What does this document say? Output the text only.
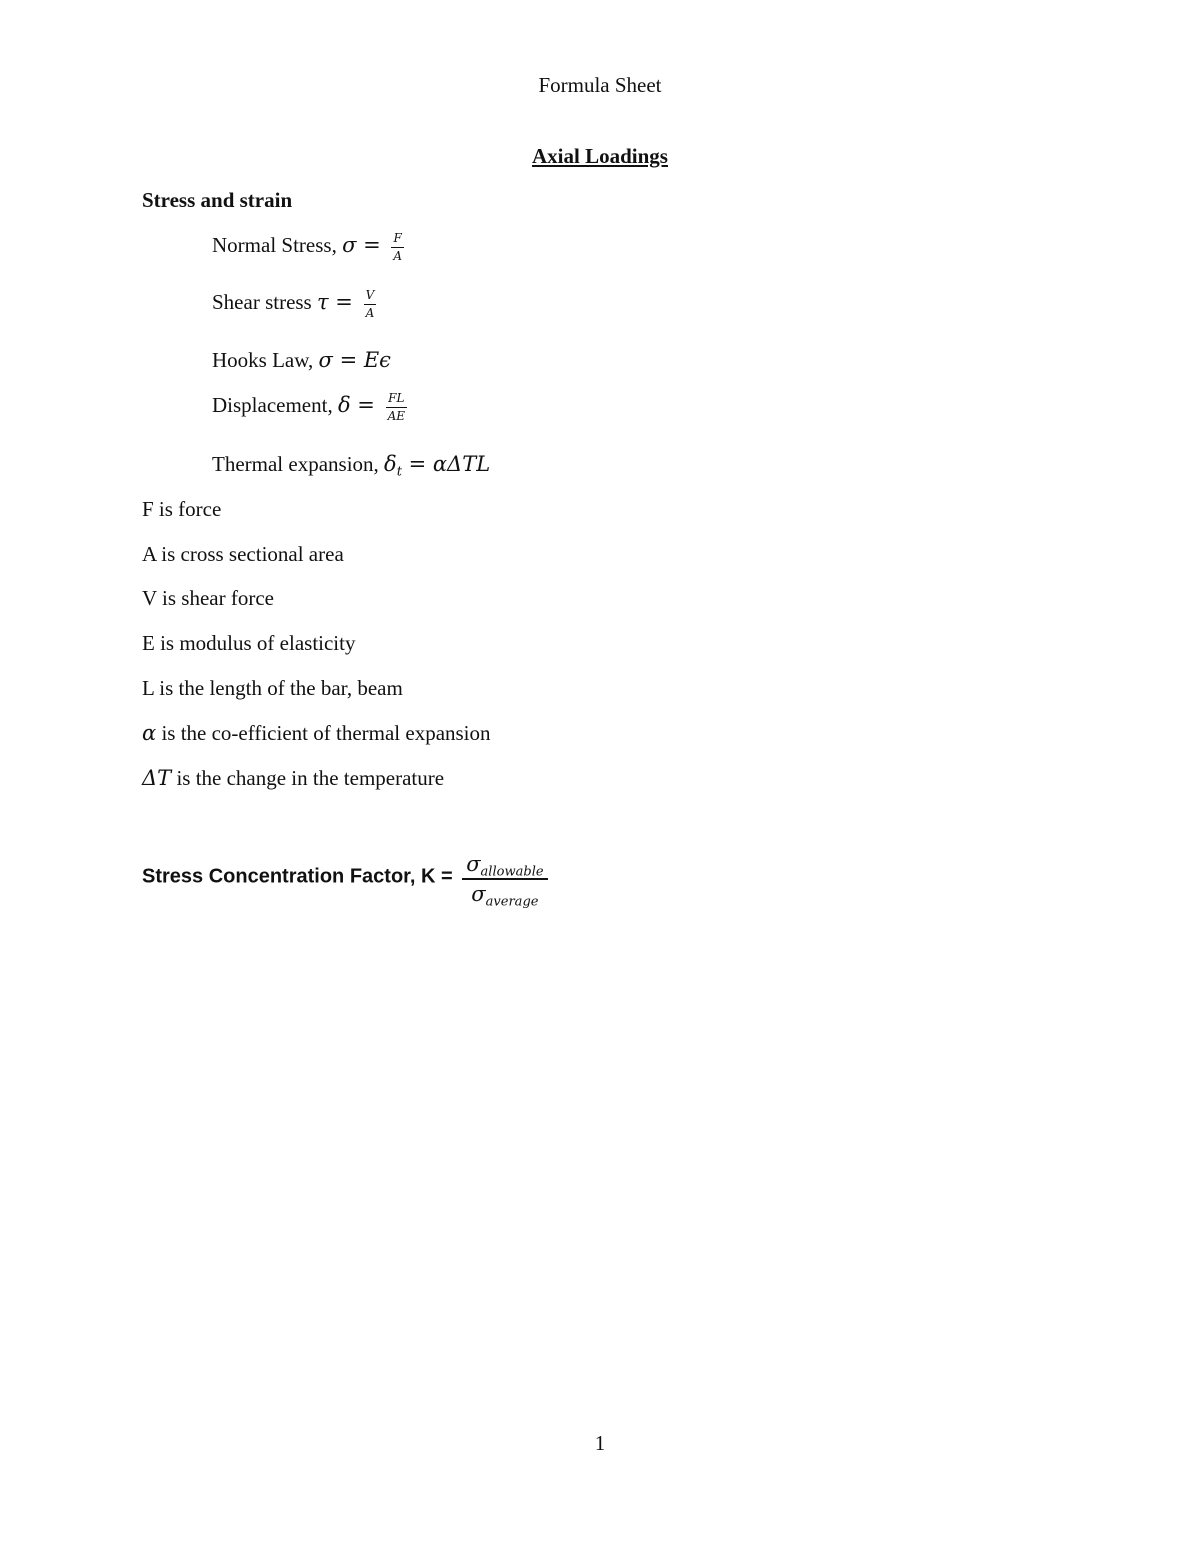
Formula Sheet
Axial Loadings
Stress and strain
Normal Stress, $\sigma = \frac{F}{A}$
Shear stress $\tau = \frac{V}{A}$
Hooks Law, σ = Eϵ
Displacement, $\delta = \frac{FL}{AE}$
Thermal expansion, $\delta_t = \alpha\Delta TL$
F is force
A is cross sectional area
V is shear force
E is modulus of elasticity
L is the length of the bar, beam
α is the co-efficient of thermal expansion
ΔT is the change in the temperature
Stress Concentration Factor, $K = \frac{\sigma_{allowable}}{\sigma_{average}}$
1
